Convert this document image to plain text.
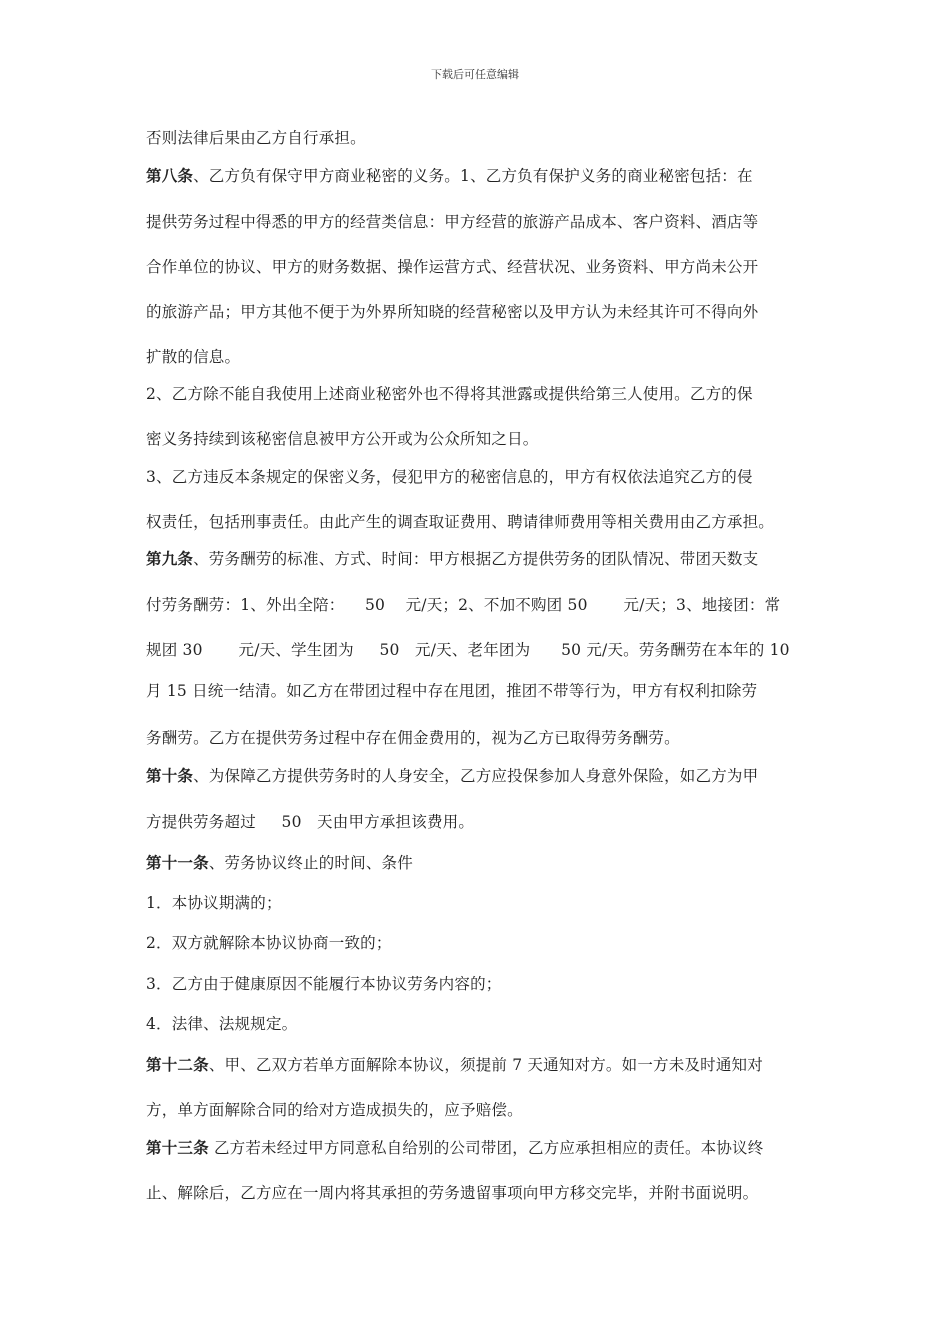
下载后可任意编辑
否则法律后果由乙方自行承担。
第八条、乙方负有保守甲方商业秘密的义务。1、乙方负有保护义务的商业秘密包括：在
提供劳务过程中得悉的甲方的经营类信息：甲方经营的旅游产品成本、客户资料、酒店等
合作单位的协议、甲方的财务数据、操作运营方式、经营状况、业务资料、甲方尚未公开
的旅游产品；甲方其他不便于为外界所知晓的经营秘密以及甲方认为未经其许可不得向外
扩散的信息。
2、乙方除不能自我使用上述商业秘密外也不得将其泄露或提供给第三人使用。乙方的保
密义务持续到该秘密信息被甲方公开或为公众所知之日。
3、乙方违反本条规定的保密义务，侵犯甲方的秘密信息的，甲方有权依法追究乙方的侵
权责任，包括刑事责任。由此产生的调查取证费用、聘请律师费用等相关费用由乙方承担。
第九条、劳务酬劳的标准、方式、时间：甲方根据乙方提供劳务的团队情况、带团天数支
付劳务酬劳：1、外出全陪：    50    元/天；2、不加不购团 50       元/天；3、地接团：常
规团 30       元/天、学生团为     50   元/天、老年团为      50 元/天。劳务酬劳在本年的 10
月 15 日统一结清。如乙方在带团过程中存在甩团，推团不带等行为，甲方有权利扣除劳
务酬劳。乙方在提供劳务过程中存在佣金费用的，视为乙方已取得劳务酬劳。
第十条、为保障乙方提供劳务时的人身安全，乙方应投保参加人身意外保险，如乙方为甲
方提供劳务超过     50   天由甲方承担该费用。
第十一条、劳务协议终止的时间、条件
1．本协议期满的；
2．双方就解除本协议协商一致的；
3．乙方由于健康原因不能履行本协议劳务内容的；
4．法律、法规规定。
第十二条、甲、乙双方若单方面解除本协议，须提前 7 天通知对方。如一方未及时通知对
方，单方面解除合同的给对方造成损失的，应予赔偿。
第十三条 乙方若未经过甲方同意私自给别的公司带团，乙方应承担相应的责任。本协议终
止、解除后，乙方应在一周内将其承担的劳务遗留事项向甲方移交完毕，并附书面说明。
